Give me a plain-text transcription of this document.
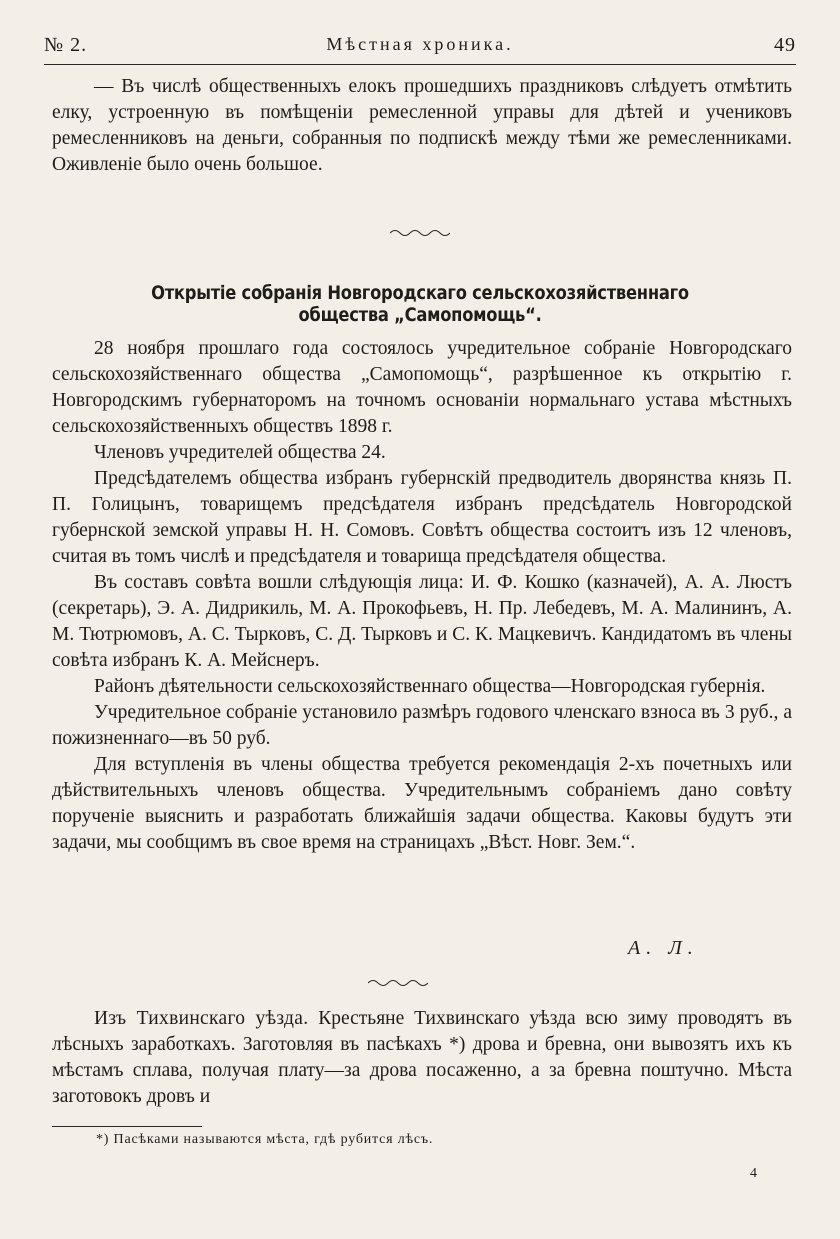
№ 2.	Мѣстная хроника.	49

— Въ числѣ общественныхъ елокъ прошедшихъ праздниковъ слѣдуетъ отмѣтить елку, устроенную въ помѣщеніи ремесленной управы для дѣтей и учениковъ ремесленниковъ на деньги, собранныя по подпискѣ между тѣми же ремесленниками. Оживленіе было очень большое.

Открытіе собранія Новгородскаго сельскохозяйственнаго общества „Самопомощь“.

28 ноября прошлаго года состоялось учредительное собраніе Новгородскаго сельскохозяйственнаго общества „Самопомощь“, разрѣшенное къ открытію г. Новгородскимъ губернаторомъ на точномъ основаніи нормальнаго устава мѣстныхъ сельскохозяйственныхъ обществъ 1898 г.

Членовъ учредителей общества 24.

Предсѣдателемъ общества избранъ губернскій предводитель дворянства князь П. П. Голицынъ, товарищемъ предсѣдателя избранъ предсѣдатель Новгородской губернской земской управы Н. Н. Сомовъ. Совѣтъ общества состоитъ изъ 12 членовъ, считая въ томъ числѣ и предсѣдателя и товарища предсѣдателя общества.

Въ составъ совѣта вошли слѣдующія лица: И. Ф. Кошко (казначей), А. А. Люстъ (секретарь), Э. А. Дидрикиль, М. А. Прокофьевъ, Н. Пр. Лебедевъ, М. А. Малининъ, А. М. Тютрюмовъ, А. С. Тырковъ, С. Д. Тырковъ и С. К. Мацкевичъ. Кандидатомъ въ члены совѣта избранъ К. А. Мейснеръ.

Районъ дѣятельности сельскохозяйственнаго общества—Новгородская губернія.

Учредительное собраніе установило размѣръ годового членскаго взноса въ 3 руб., а пожизненнаго—въ 50 руб.

Для вступленія въ члены общества требуется рекомендація 2-хъ почетныхъ или дѣйствительныхъ членовъ общества. Учредительнымъ собраніемъ дано совѣту порученіе выяснить и разработать ближайшія задачи общества. Каковы будутъ эти задачи, мы сообщимъ въ свое время на страницахъ „Вѣст. Новг. Зем.“.

А. Л.

Изъ Тихвинскаго уѣзда. Крестьяне Тихвинскаго уѣзда всю зиму проводятъ въ лѣсныхъ заработкахъ. Заготовляя въ пасѣкахъ *) дрова и бревна, они вывозятъ ихъ къ мѣстамъ сплава, получая плату—за дрова посаженно, а за бревна поштучно. Мѣста заготовокъ дровъ и

*) Пасѣками называются мѣста, гдѣ рубится лѣсъ.
4
